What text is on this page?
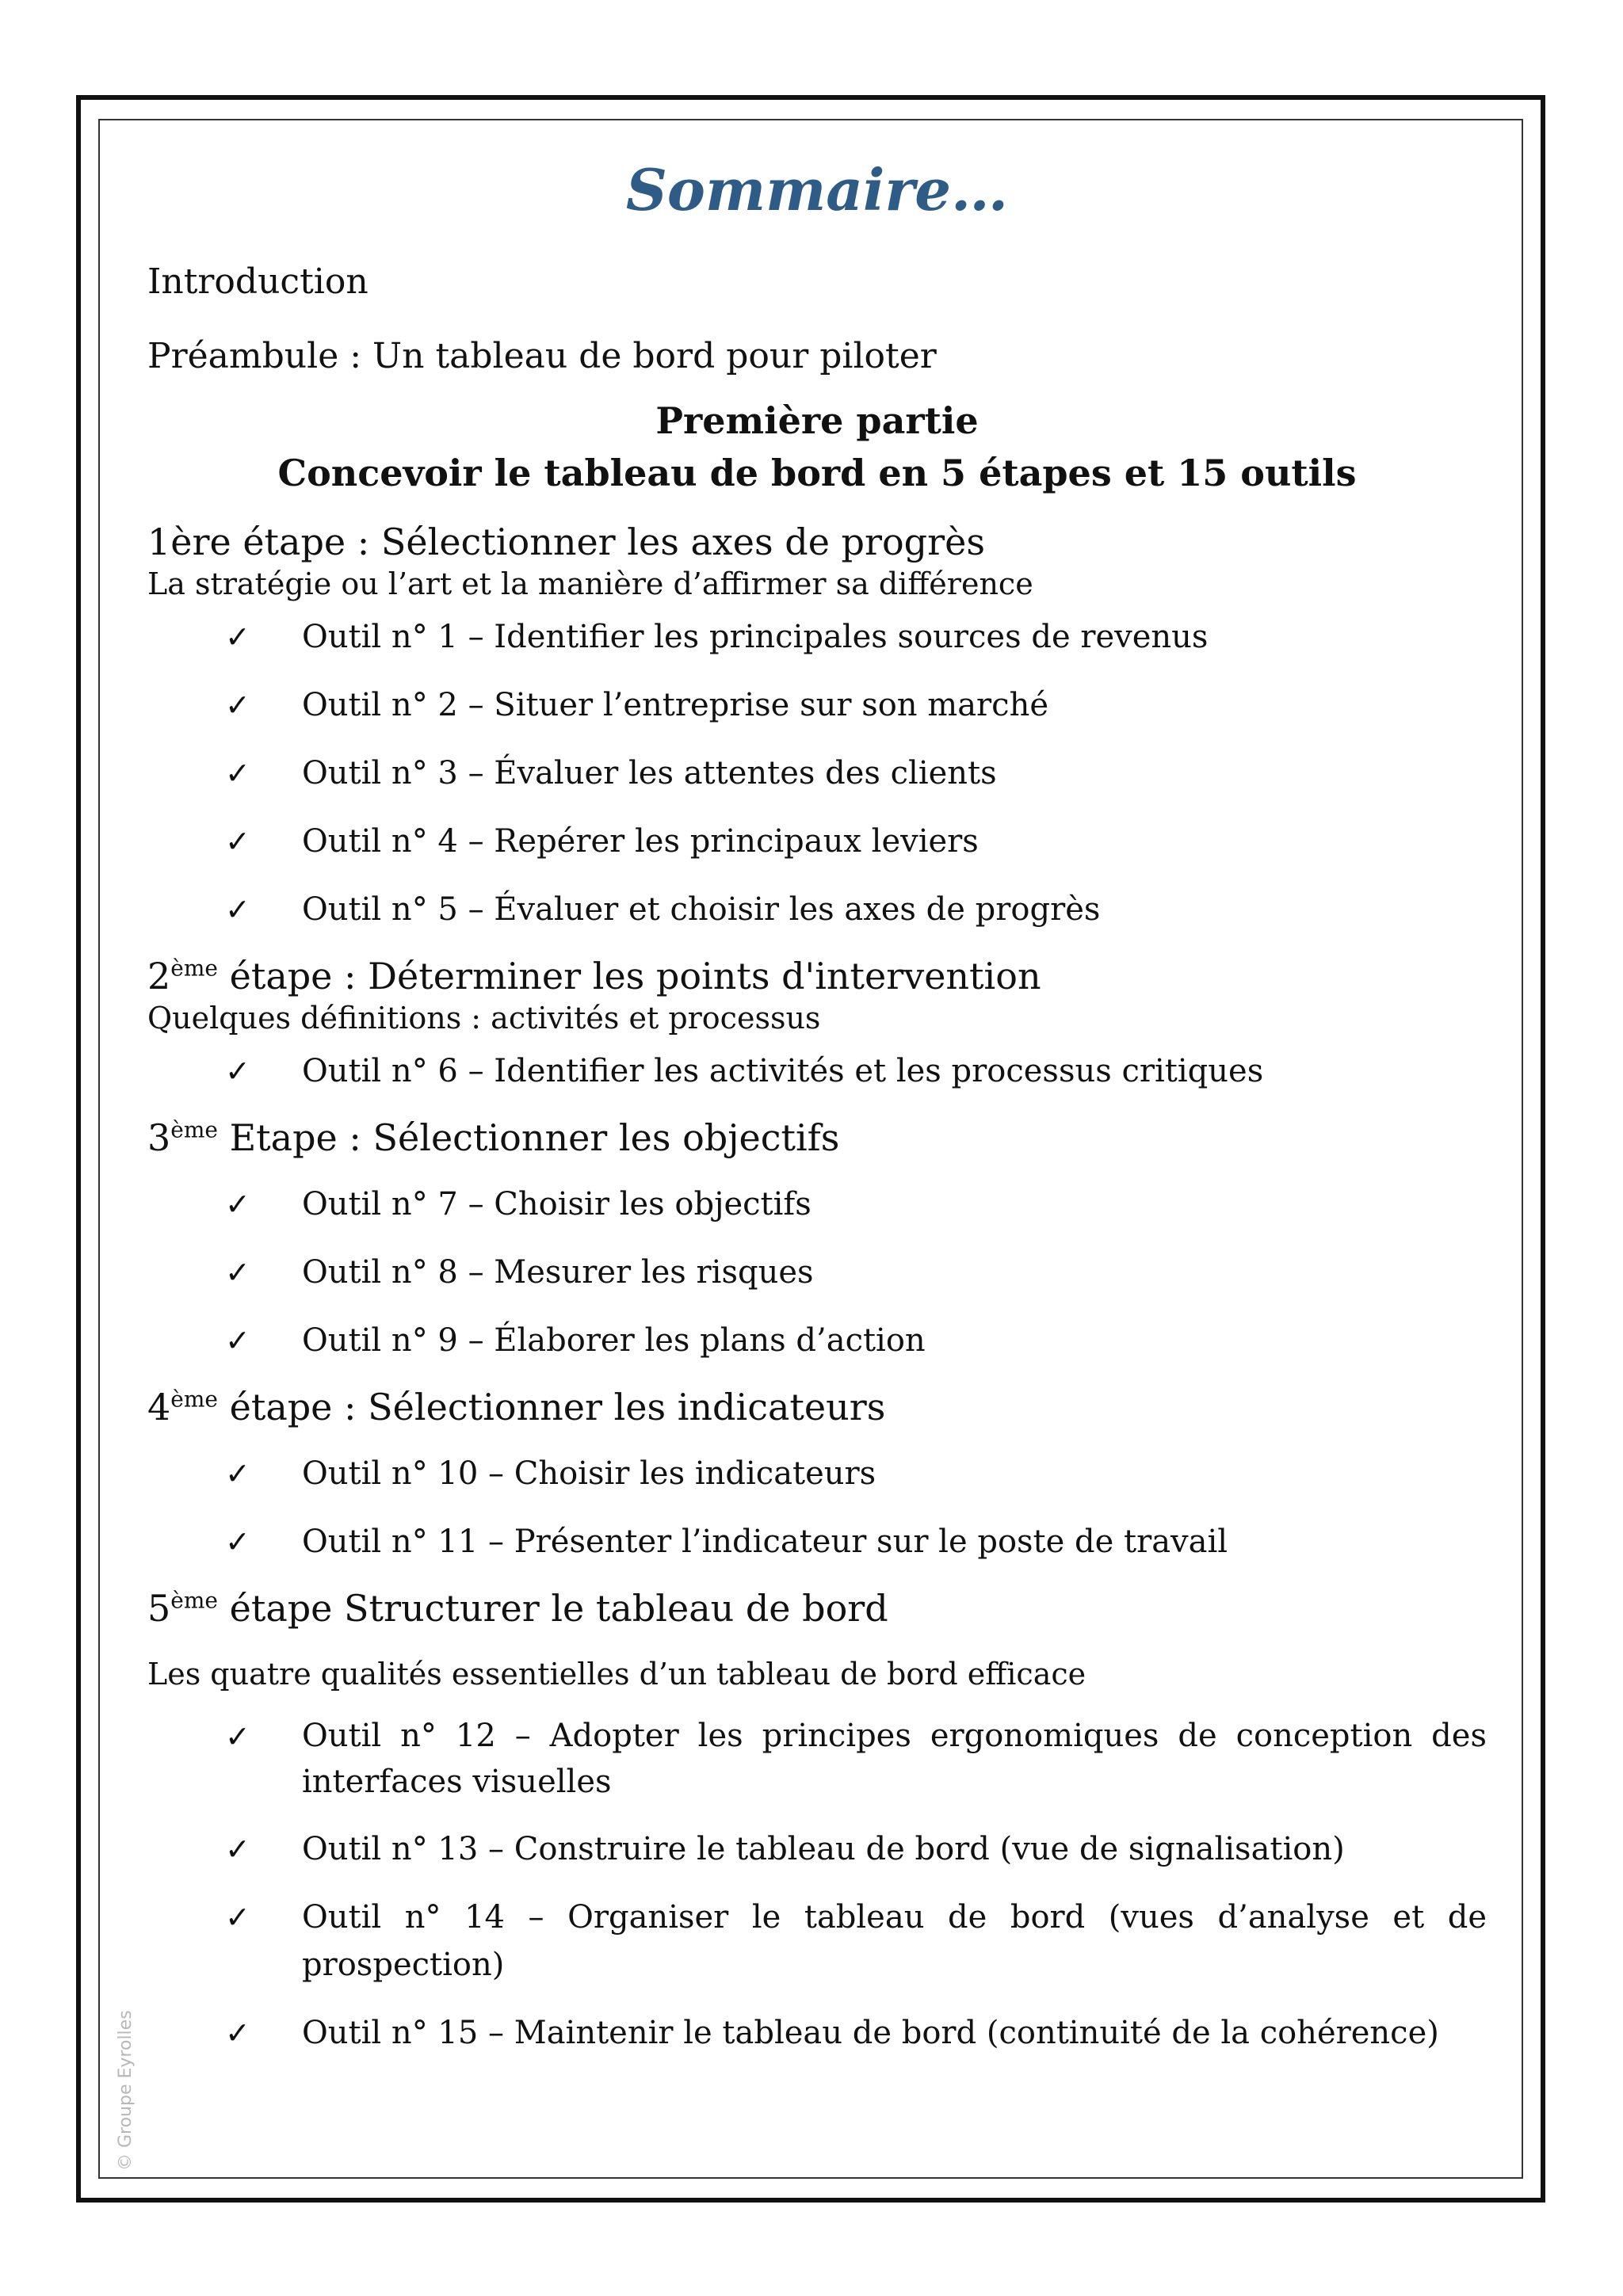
Sommaire…
Introduction
Préambule : Un tableau de bord pour piloter
Première partie
Concevoir le tableau de bord en 5 étapes et 15 outils
1ère étape : Sélectionner les axes de progrès
La stratégie ou l’art et la manière d’affirmer sa différence
✓	Outil n° 1 – Identifier les principales sources de revenus
✓	Outil n° 2 – Situer l’entreprise sur son marché
✓	Outil n° 3 – Évaluer les attentes des clients
✓	Outil n° 4 – Repérer les principaux leviers
✓	Outil n° 5 – Évaluer et choisir les axes de progrès
2ème étape : Déterminer les points d'intervention
Quelques définitions : activités et processus
✓	Outil n° 6 – Identifier les activités et les processus critiques
3ème Etape : Sélectionner les objectifs
✓	Outil n° 7 – Choisir les objectifs
✓	Outil n° 8 – Mesurer les risques
✓	Outil n° 9 – Élaborer les plans d’action
4ème étape : Sélectionner les indicateurs
✓	Outil n° 10 – Choisir les indicateurs
✓	Outil n° 11 – Présenter l’indicateur sur le poste de travail
5ème étape Structurer le tableau de bord
Les quatre qualités essentielles d’un tableau de bord efficace
✓	Outil n° 12 – Adopter les principes ergonomiques de conception des interfaces visuelles
✓	Outil n° 13 – Construire le tableau de bord (vue de signalisation)
✓	Outil n° 14 – Organiser le tableau de bord (vues d’analyse et de prospection)
✓	Outil n° 15 – Maintenir le tableau de bord (continuité de la cohérence)
© Groupe Eyrolles
